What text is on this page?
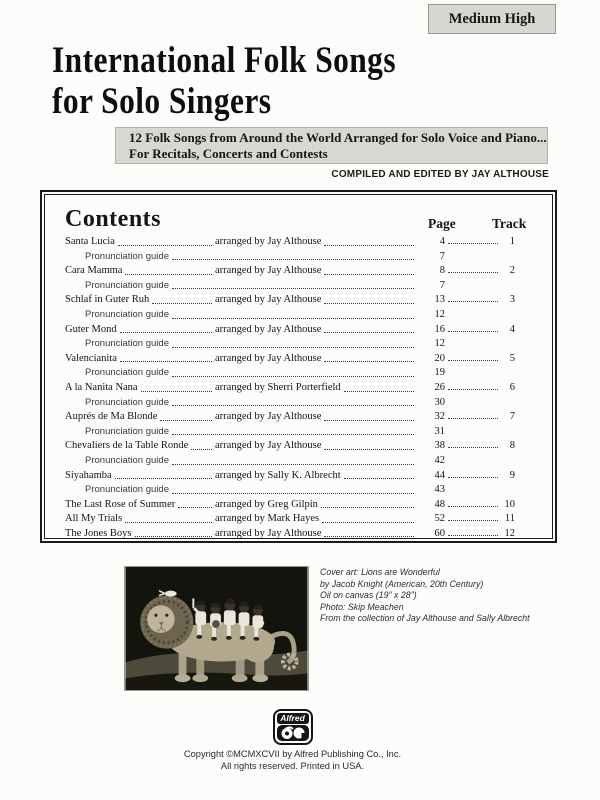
Medium High
International Folk Songs
for Solo Singers
12 Folk Songs from Around the World Arranged for Solo Voice and Piano...
For Recitals, Concerts and Contests
COMPILED AND EDITED BY JAY ALTHOUSE
Contents	Page	Track
Santa Lucia	arranged by Jay Althouse	4	1
Pronunciation guide	7
Cara Mamma	arranged by Jay Althouse	8	2
Pronunciation guide	7
Schlaf in Guter Ruh	arranged by Jay Althouse	13	3
Pronunciation guide	12
Guter Mond	arranged by Jay Althouse	16	4
Pronunciation guide	12
Valencianita	arranged by Jay Althouse	20	5
Pronunciation guide	19
A la Nanita Nana	arranged by Sherri Porterfield	26	6
Pronunciation guide	30
Auprés de Ma Blonde	arranged by Jay Althouse	32	7
Pronunciation guide	31
Chevaliers de la Table Ronde	arranged by Jay Althouse	38	8
Pronunciation guide	42
Siyahamba	arranged by Sally K. Albrecht	44	9
Pronunciation guide	43
The Last Rose of Summer	arranged by Greg Gilpin	48	10
All My Trials	arranged by Mark Hayes	52	11
The Jones Boys	arranged by Jay Althouse	60	12
Cover art: Lions are Wonderful
by Jacob Knight (American, 20th Century)
Oil on canvas (19" x 28")
Photo: Skip Meachen
From the collection of Jay Althouse and Sally Albrecht
Alfred
Copyright ©MCMXCVII by Alfred Publishing Co., Inc.
All rights reserved. Printed in USA.
